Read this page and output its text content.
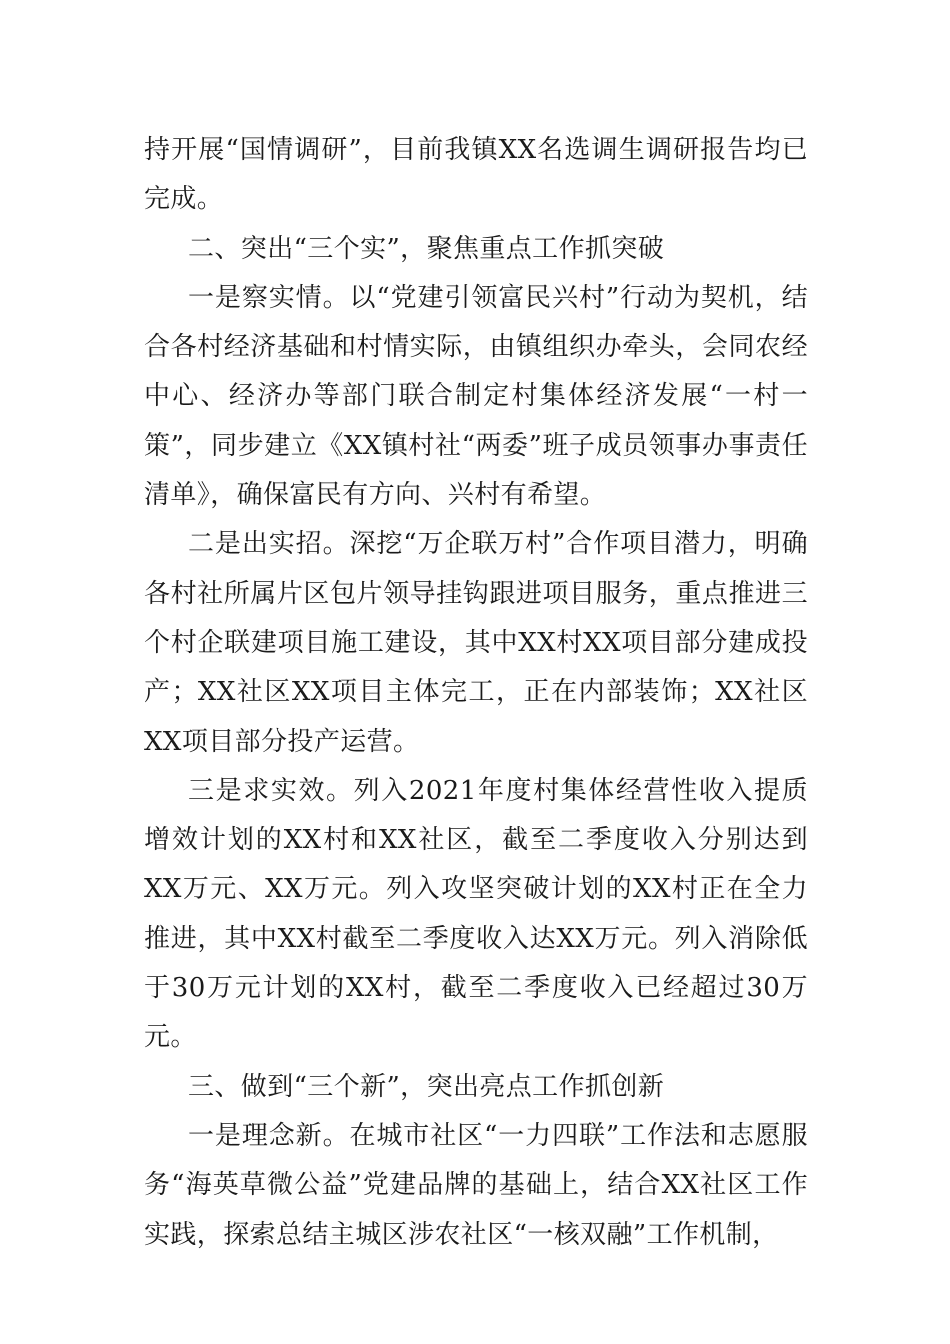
持开展“国情调研”，目前我镇XX名选调生调研报告均已完成。

二、突出“三个实”，聚焦重点工作抓突破

一是察实情。以“党建引领富民兴村”行动为契机，结合各村经济基础和村情实际，由镇组织办牵头，会同农经中心、经济办等部门联合制定村集体经济发展“一村一策”，同步建立《XX镇村社“两委”班子成员领事办事责任清单》，确保富民有方向、兴村有希望。

二是出实招。深挖“万企联万村”合作项目潜力，明确各村社所属片区包片领导挂钩跟进项目服务，重点推进三个村企联建项目施工建设，其中XX村XX项目部分建成投产；XX社区XX项目主体完工，正在内部装饰；XX社区XX项目部分投产运营。

三是求实效。列入2021年度村集体经营性收入提质增效计划的XX村和XX社区，截至二季度收入分别达到XX万元、XX万元。列入攻坚突破计划的XX村正在全力推进，其中XX村截至二季度收入达XX万元。列入消除低于30万元计划的XX村，截至二季度收入已经超过30万元。

三、做到“三个新”，突出亮点工作抓创新

一是理念新。在城市社区“一力四联”工作法和志愿服务“海英草微公益”党建品牌的基础上，结合XX社区工作实践，探索总结主城区涉农社区“一核双融”工作机制，
